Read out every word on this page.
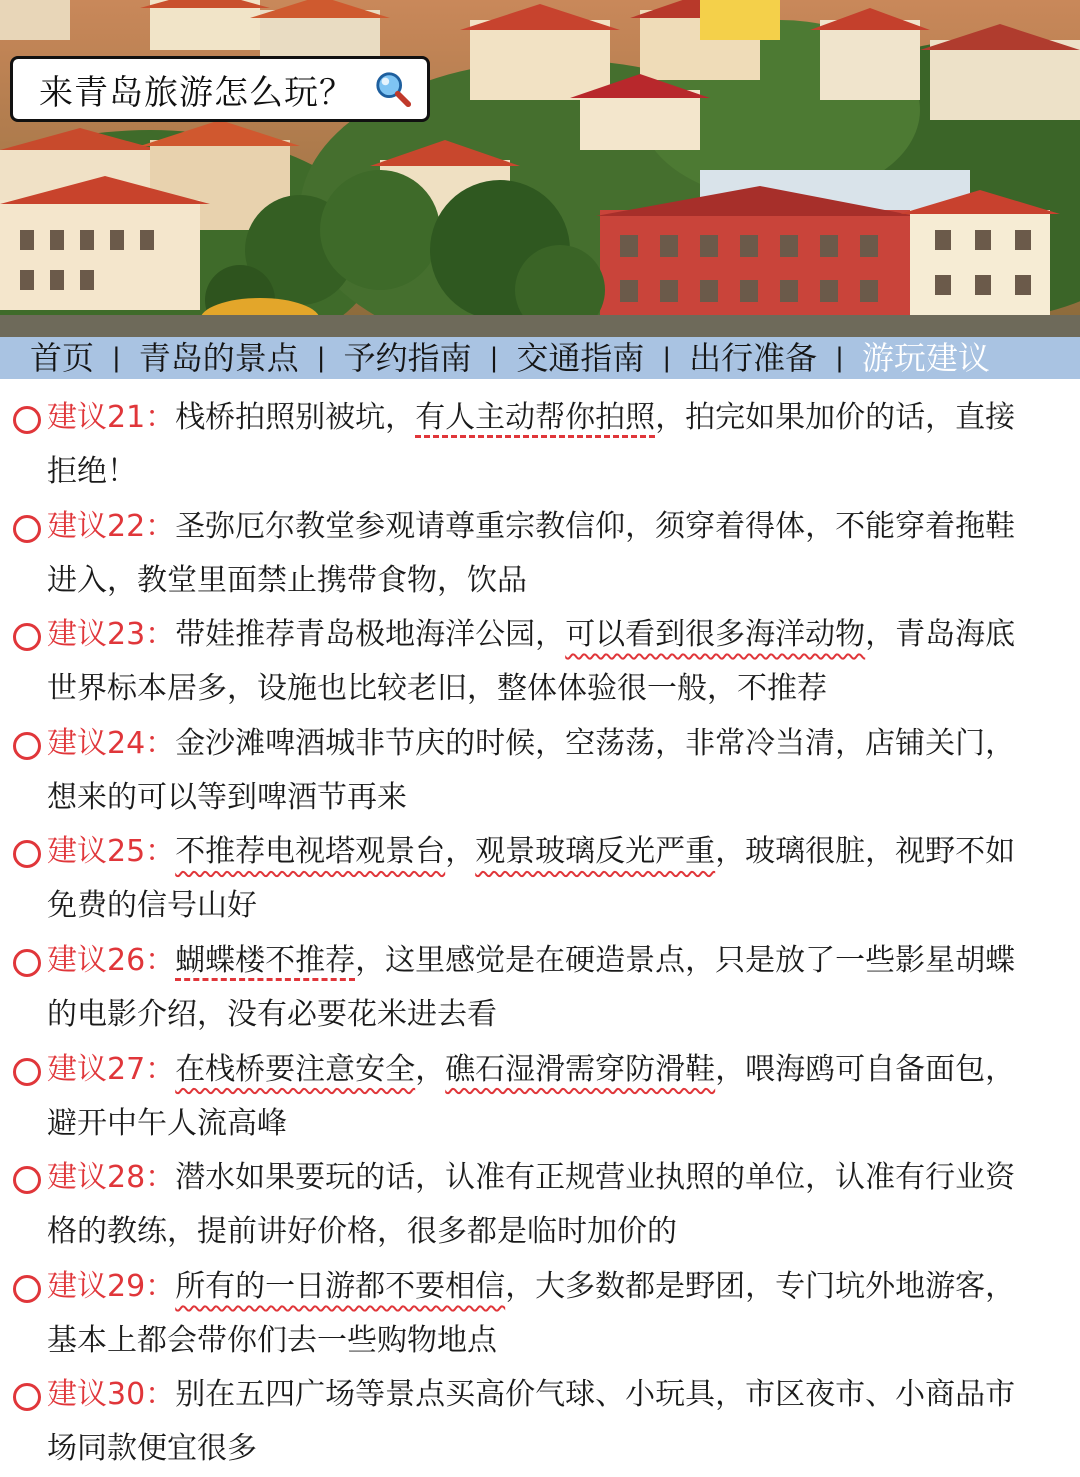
来青岛旅游怎么玩？
首页 | 青岛的景点 | 予约指南 | 交通指南 | 出行准备 | 游玩建议
建议21：栈桥拍照别被坑，有人主动帮你拍照，拍完如果加价的话，直接
拒绝！
建议22：圣弥厄尔教堂参观请尊重宗教信仰，须穿着得体，不能穿着拖鞋
进入，教堂里面禁止携带食物，饮品
建议23：带娃推荐青岛极地海洋公园，可以看到很多海洋动物，青岛海底
世界标本居多，设施也比较老旧，整体体验很一般，不推荐
建议24：金沙滩啤酒城非节庆的时候，空荡荡，非常冷当清，店铺关门，
想来的可以等到啤酒节再来
建议25：不推荐电视塔观景台，观景玻璃反光严重，玻璃很脏，视野不如
免费的信号山好
建议26：蝴蝶楼不推荐，这里感觉是在硬造景点，只是放了一些影星胡蝶
的电影介绍，没有必要花米进去看
建议27：在栈桥要注意安全，礁石湿滑需穿防滑鞋，喂海鸥可自备面包，
避开中午人流高峰
建议28：潜水如果要玩的话，认准有正规营业执照的单位，认准有行业资
格的教练，提前讲好价格，很多都是临时加价的
建议29：所有的一日游都不要相信，大多数都是野团，专门坑外地游客，
基本上都会带你们去一些购物地点
建议30：别在五四广场等景点买高价气球、小玩具，市区夜市、小商品市
场同款便宜很多
